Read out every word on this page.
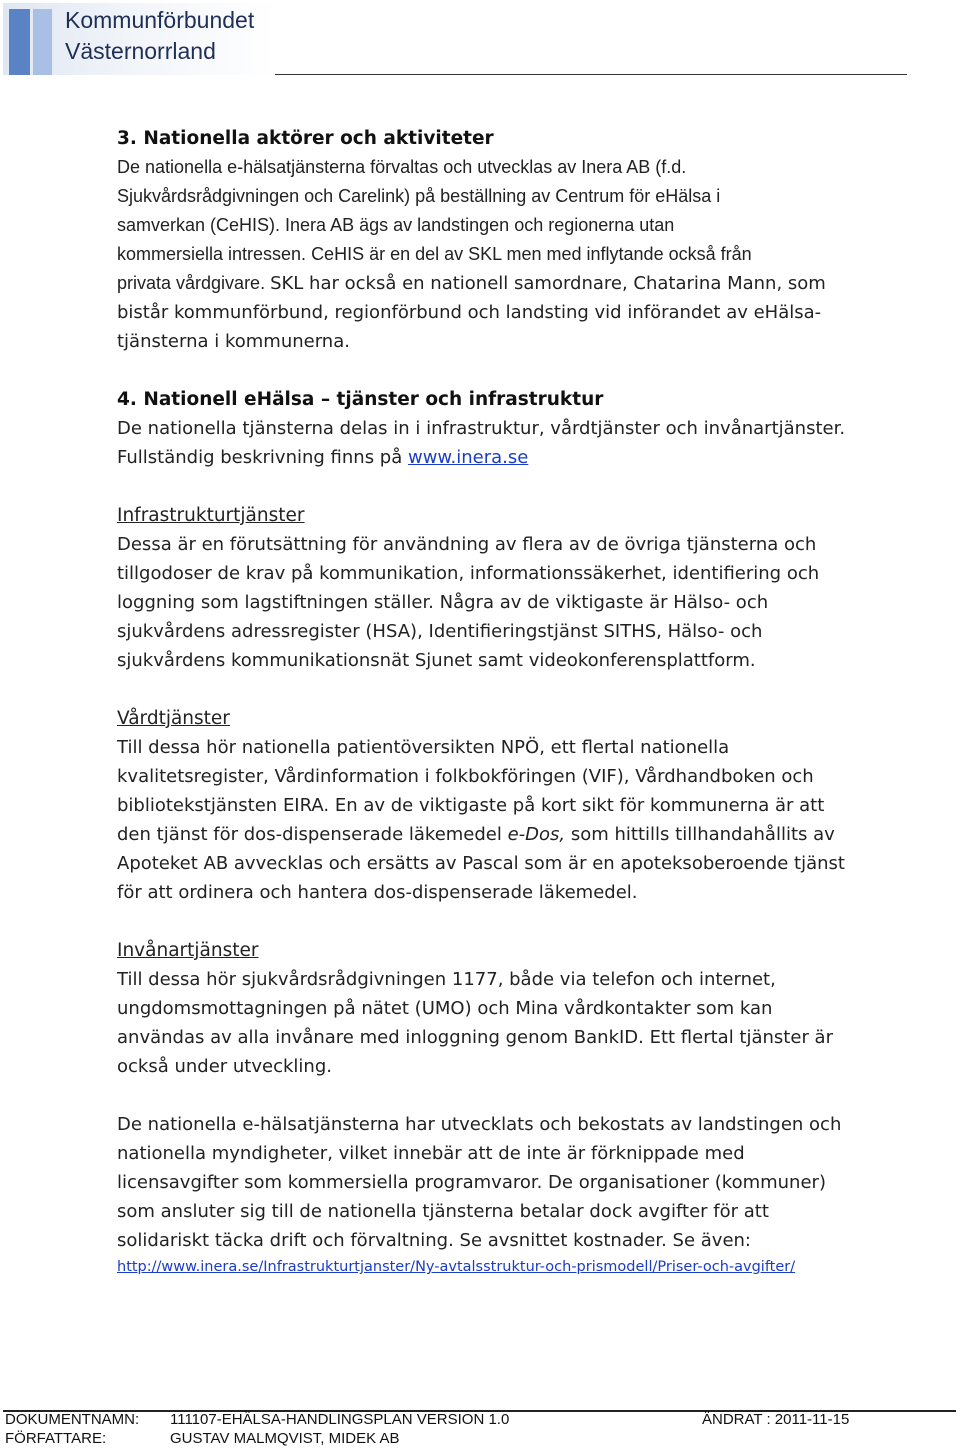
Kommunförbundet
Västernorrland

3. Nationella aktörer och aktiviteter

De nationella e-hälsatjänsterna förvaltas och utvecklas av Inera AB (f.d.
Sjukvårdsrådgivningen och Carelink) på beställning av Centrum för eHälsa i
samverkan (CeHIS). Inera AB ägs av landstingen och regionerna utan
kommersiella intressen. CeHIS är en del av SKL men med inflytande också från
privata vårdgivare. SKL har också en nationell samordnare, Chatarina Mann, som
bistår kommunförbund, regionförbund och landsting vid införandet av eHälsa-
tjänsterna i kommunerna.

4. Nationell eHälsa – tjänster och infrastruktur

De nationella tjänsterna delas in i infrastruktur, vårdtjänster och invånartjänster.
Fullständig beskrivning finns på www.inera.se

Infrastrukturtjänster

Dessa är en förutsättning för användning av flera av de övriga tjänsterna och
tillgodoser de krav på kommunikation, informationssäkerhet, identifiering och
loggning som lagstiftningen ställer. Några av de viktigaste är Hälso- och
sjukvårdens adressregister (HSA), Identifieringstjänst SITHS, Hälso- och
sjukvårdens kommunikationsnät Sjunet samt videokonferensplattform.

Vårdtjänster

Till dessa hör nationella patientöversikten NPÖ, ett flertal nationella
kvalitetsregister, Vårdinformation i folkbokföringen (VIF), Vårdhandboken och
bibliotekstjänsten EIRA. En av de viktigaste på kort sikt för kommunerna är att
den tjänst för dos-dispenserade läkemedel e-Dos, som hittills tillhandahållits av
Apoteket AB avvecklas och ersätts av Pascal som är en apoteksoberoende tjänst
för att ordinera och hantera dos-dispenserade läkemedel.

Invånartjänster

Till dessa hör sjukvårdsrådgivningen 1177, både via telefon och internet,
ungdomsmottagningen på nätet (UMO) och Mina vårdkontakter som kan
användas av alla invånare med inloggning genom BankID. Ett flertal tjänster är
också under utveckling.
De nationella e-hälsatjänsterna har utvecklats och bekostats av landstingen och
nationella myndigheter, vilket innebär att de inte är förknippade med
licensavgifter som kommersiella programvaror. De organisationer (kommuner)
som ansluter sig till de nationella tjänsterna betalar dock avgifter för att
solidariskt täcka drift och förvaltning. Se avsnittet kostnader. Se även:
http://www.inera.se/Infrastrukturtjanster/Ny-avtalsstruktur-och-prismodell/Priser-och-avgifter/
DOKUMENTNAMN: 111107-EHÄLSA-HANDLINGSPLAN VERSION 1.0	ÄNDRAT : 2011-11-15
FÖRFATTARE:	GUSTAV MALMQVIST, MIDEK AB
